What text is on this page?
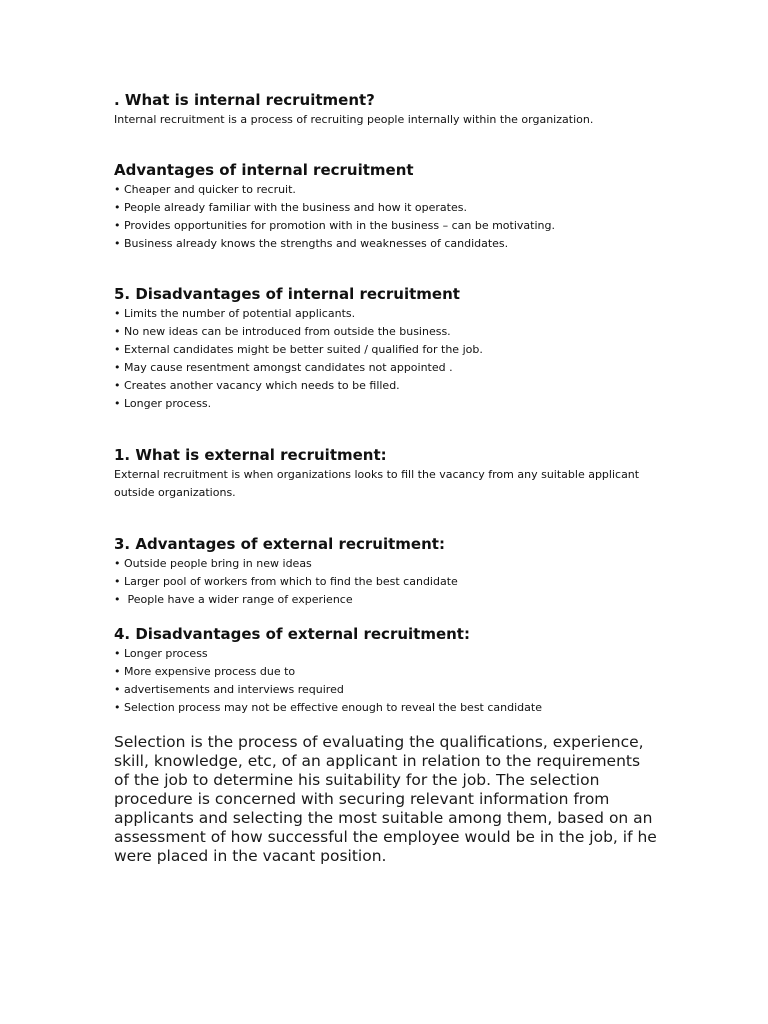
. What is internal recruitment?

Internal recruitment is a process of recruiting people internally within the organization.

Advantages of internal recruitment

• Cheaper and quicker to recruit.

• People already familiar with the business and how it operates.

• Provides opportunities for promotion with in the business – can be motivating.

• Business already knows the strengths and weaknesses of candidates.

5. Disadvantages of internal recruitment

• Limits the number of potential applicants.

• No new ideas can be introduced from outside the business.

• External candidates might be better suited / qualified for the job.

• May cause resentment amongst candidates not appointed .

• Creates another vacancy which needs to be filled.

• Longer process.

1. What is external recruitment:

External recruitment is when organizations looks to fill the vacancy from any suitable applicant

outside organizations.

3. Advantages of external recruitment:

• Outside people bring in new ideas

• Larger pool of workers from which to find the best candidate

•  People have a wider range of experience

4. Disadvantages of external recruitment:

• Longer process

• More expensive process due to

• advertisements and interviews required

• Selection process may not be effective enough to reveal the best candidate

Selection is the process of evaluating the qualifications, experience, skill, knowledge, etc, of an applicant in relation to the requirements of the job to determine his suitability for the job. The selection procedure is concerned with securing relevant information from applicants and selecting the most suitable among them, based on an assessment of how successful the employee would be in the job, if he were placed in the vacant position.
